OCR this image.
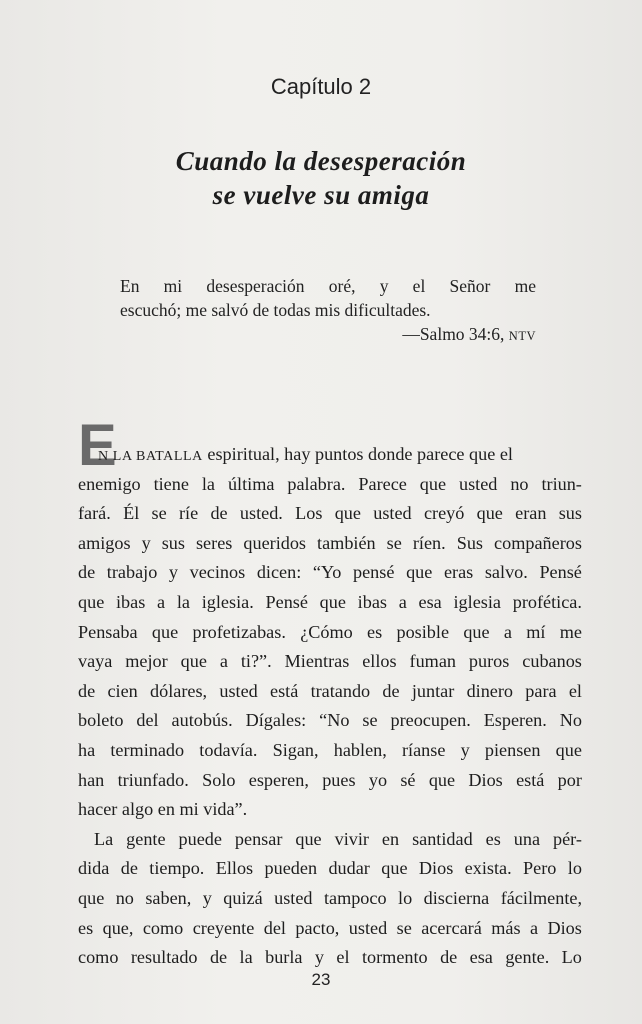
Capítulo 2
Cuando la desesperación
se vuelve su amiga
En mi desesperación oré, y el Señor me
escuchó; me salvó de todas mis dificultades.
—Salmo 34:6, NTV
E
N LA BATALLA espiritual, hay puntos donde parece que el
enemigo tiene la última palabra. Parece que usted no triun-
fará. Él se ríe de usted. Los que usted creyó que eran sus
amigos y sus seres queridos también se ríen. Sus compañeros
de trabajo y vecinos dicen: “Yo pensé que eras salvo. Pensé
que ibas a la iglesia. Pensé que ibas a esa iglesia profética.
Pensaba que profetizabas. ¿Cómo es posible que a mí me
vaya mejor que a ti?”. Mientras ellos fuman puros cubanos
de cien dólares, usted está tratando de juntar dinero para el
boleto del autobús. Dígales: “No se preocupen. Esperen. No
ha terminado todavía. Sigan, hablen, ríanse y piensen que
han triunfado. Solo esperen, pues yo sé que Dios está por
hacer algo en mi vida”.
La gente puede pensar que vivir en santidad es una pér-
dida de tiempo. Ellos pueden dudar que Dios exista. Pero lo
que no saben, y quizá usted tampoco lo discierna fácilmente,
es que, como creyente del pacto, usted se acercará más a Dios
como resultado de la burla y el tormento de esa gente. Lo
23
